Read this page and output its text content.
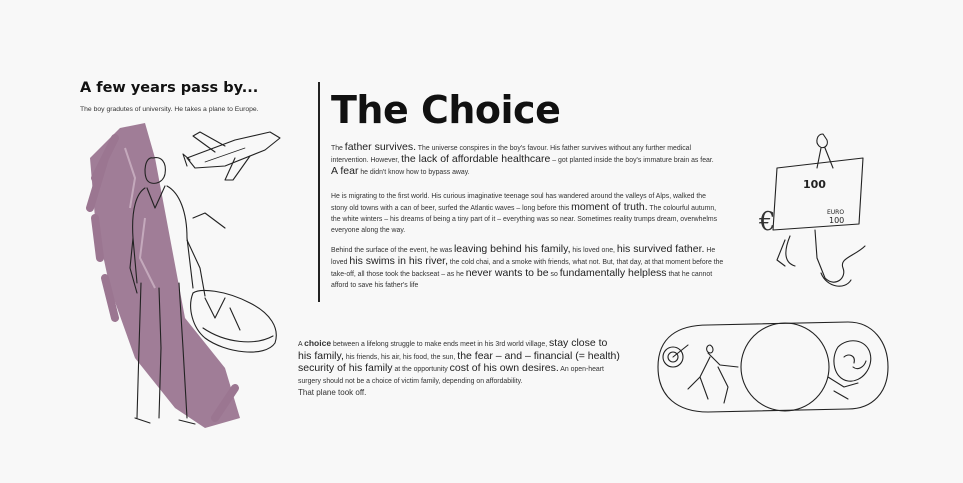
A few years pass by...
The boy gradutes of university. He takes a plane to Europe. The Choice
The father survives. The universe conspires in the boy's favour. His father survives without any further medical intervention. However, the lack of affordable healthcare – got planted inside the boy's immature brain as fear. A fear he didn't know how to bypass away.
He is migrating to the first world. His curious imaginative teenage soul has wandered around the valleys of Alps, walked the stony old towns with a can of beer, surfed the Atlantic waves – long before this moment of truth. The colourful autumn, the white winters – his dreams of being a tiny part of it – everything was so near. Sometimes reality trumps dream, overwhelms everyone along the way.
Behind the surface of the event, he was leaving behind his family, his loved one, his survived father. He loved his swims in his river, the cold chai, and a smoke with friends, what not. But, that day, at that moment before the take-off, all those took the backseat – as he never wants to be so fundamentally helpless that he cannot afford to save his father's life
A choice between a lifelong struggle to make ends meet in his 3rd world village, stay close to his family, his friends, his air, his food, the sun, the fear – and – financial (= health) security of his family at the opportunity cost of his own desires. An open-heart surgery should not be a choice of victim family, depending on affordability.
That plane took off.
100
EURO
100
€
